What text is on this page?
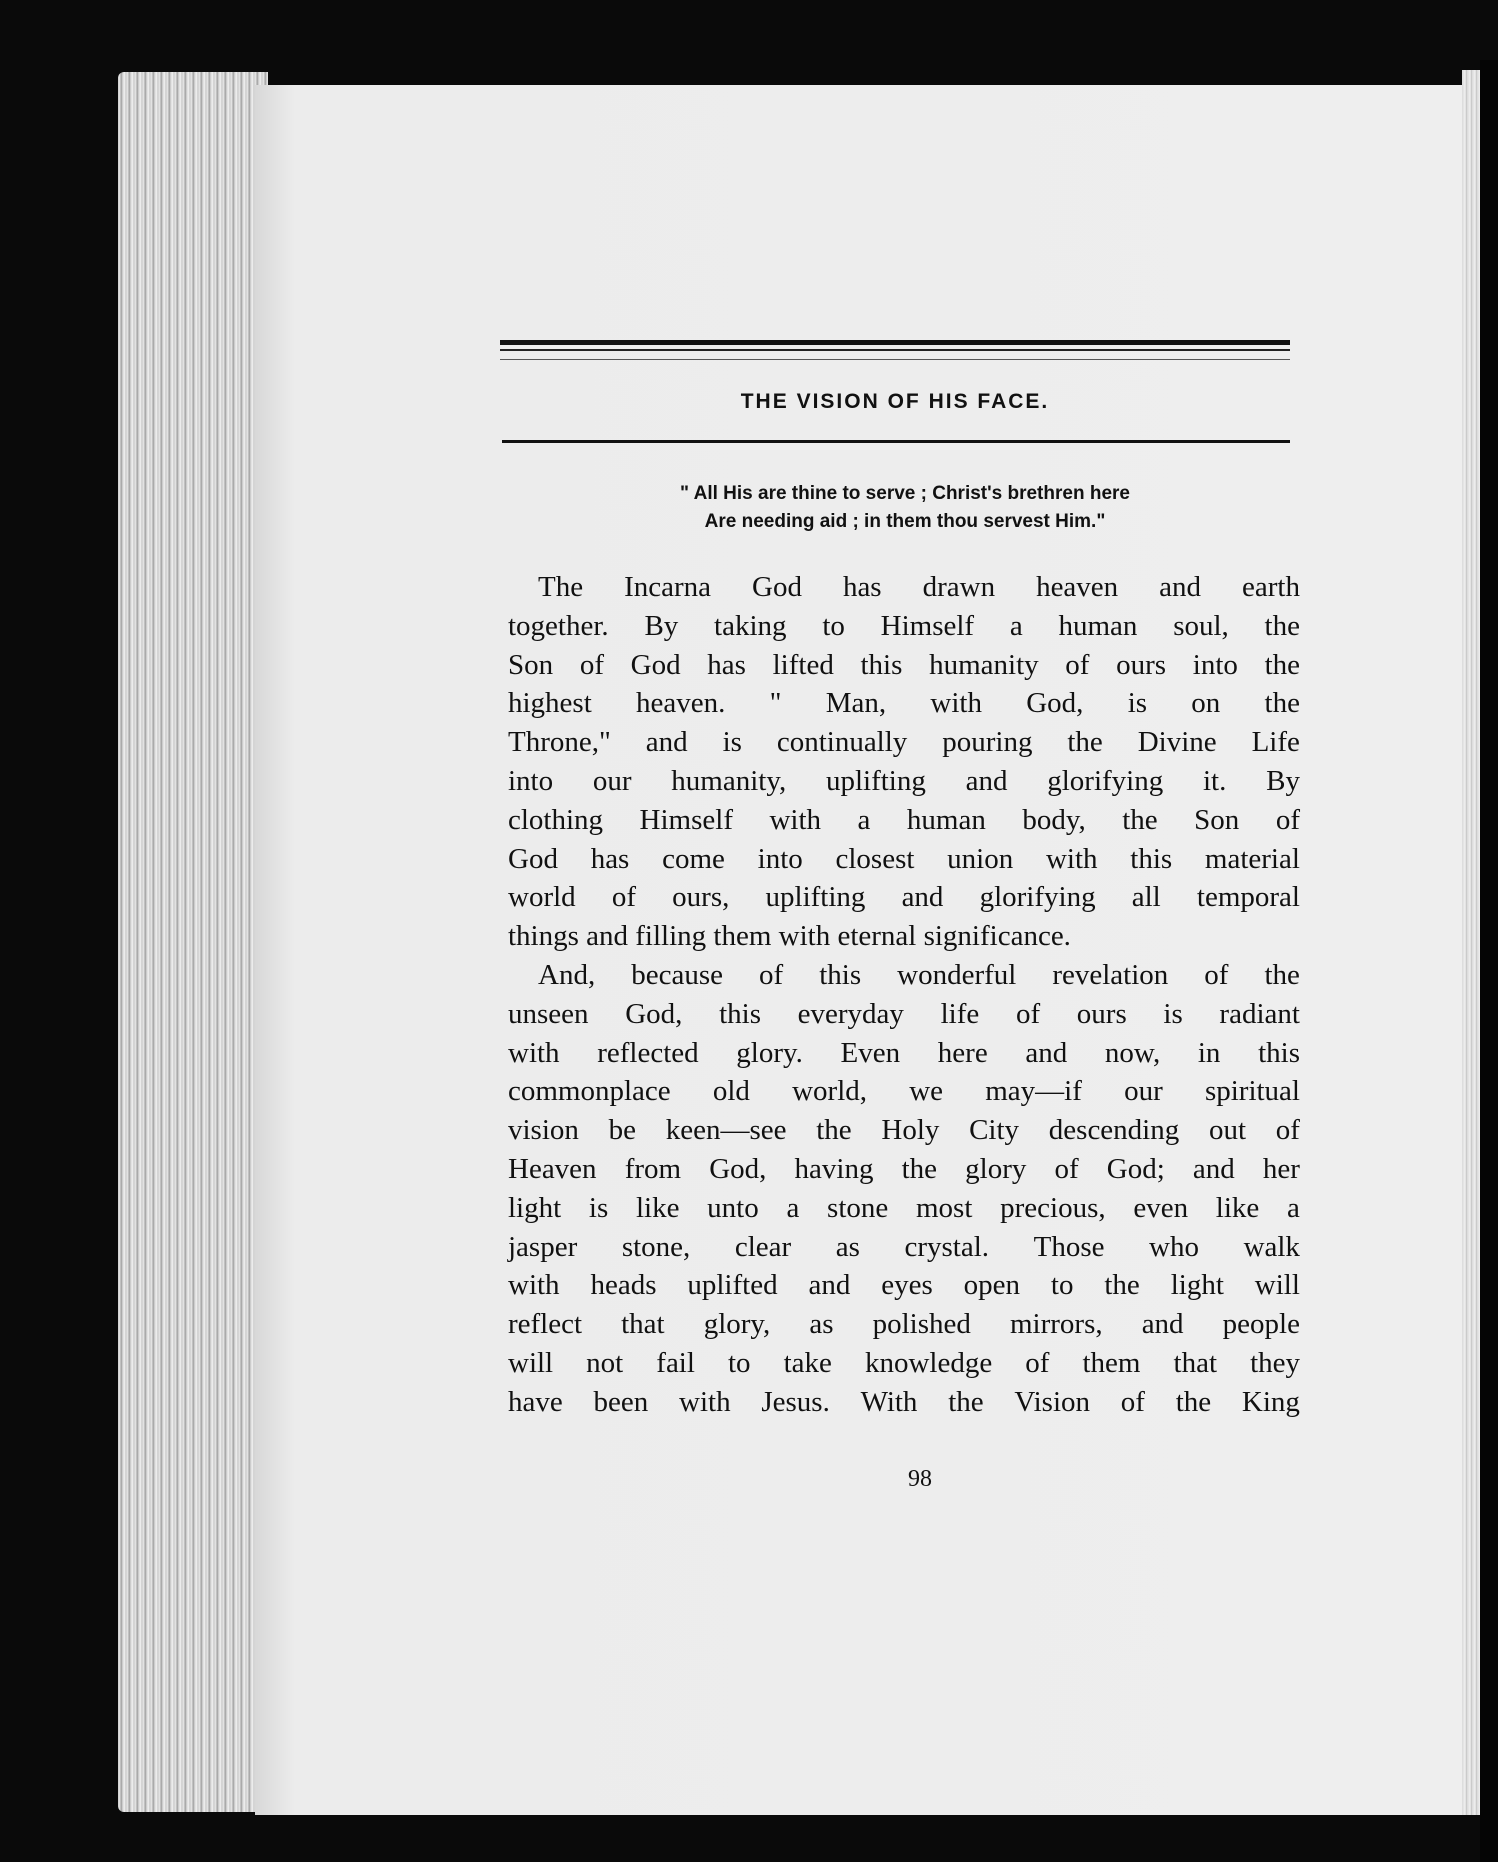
THE VISION OF HIS FACE.
" All His are thine to serve ; Christ's brethren here
Are needing aid ; in them thou servest Him."
The Incarna God has drawn heaven and earth
together. By taking to Himself a human soul, the
Son of God has lifted this humanity of ours into the
highest heaven. " Man, with God, is on the
Throne," and is continually pouring the Divine Life
into our humanity, uplifting and glorifying it. By
clothing Himself with a human body, the Son of
God has come into closest union with this material
world of ours, uplifting and glorifying all temporal
things and filling them with eternal significance.
And, because of this wonderful revelation of the
unseen God, this everyday life of ours is radiant
with reflected glory. Even here and now, in this
commonplace old world, we may—if our spiritual
vision be keen—see the Holy City descending out of
Heaven from God, having the glory of God; and her
light is like unto a stone most precious, even like a
jasper stone, clear as crystal. Those who walk
with heads uplifted and eyes open to the light will
reflect that glory, as polished mirrors, and people
will not fail to take knowledge of them that they
have been with Jesus. With the Vision of the King
98
